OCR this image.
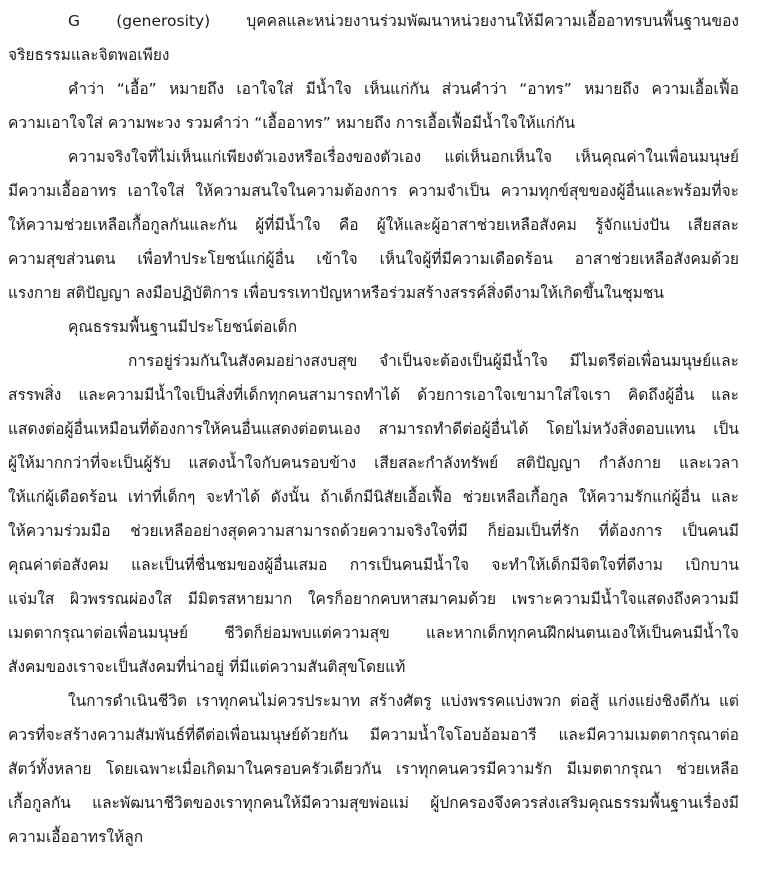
G (generosity) บุคคลและหน่วยงานร่วมพัฒนาหน่วยงานให้มีความเอื้ออาทรบนพื้นฐานของ
จริยธรรมและจิตพอเพียง
คำว่า “เอื้อ” หมายถึง เอาใจใส่ มีน้ำใจ เห็นแก่กัน ส่วนคำว่า “อาทร” หมายถึง ความเอื้อเฟื้อ
ความเอาใจใส่ ความพะวง รวมคำว่า “เอื้ออาทร” หมายถึง การเอื้อเฟื้อมีน้ำใจให้แก่กัน
ความจริงใจที่ไม่เห็นแก่เพียงตัวเองหรือเรื่องของตัวเอง แต่เห็นอกเห็นใจ เห็นคุณค่าในเพื่อนมนุษย์
มีความเอื้ออาทร เอาใจใส่ ให้ความสนใจในความต้องการ ความจำเป็น ความทุกข์สุขของผู้อื่นและพร้อมที่จะ
ให้ความช่วยเหลือเกื้อกูลกันและกัน ผู้ที่มีน้ำใจ คือ ผู้ให้และผู้อาสาช่วยเหลือสังคม รู้จักแบ่งปัน เสียสละ
ความสุขส่วนตน เพื่อทำประโยชน์แก่ผู้อื่น เข้าใจ เห็นใจผู้ที่มีความเดือดร้อน อาสาช่วยเหลือสังคมด้วย
แรงกาย สติปัญญา ลงมือปฏิบัติการ เพื่อบรรเทาปัญหาหรือร่วมสร้างสรรค์สิ่งดีงามให้เกิดขึ้นในชุมชน
คุณธรรมพื้นฐานมีประโยชน์ต่อเด็ก
การอยู่ร่วมกันในสังคมอย่างสงบสุข จำเป็นจะต้องเป็นผู้มีน้ำใจ มีไมตรีต่อเพื่อนมนุษย์และ
สรรพสิ่ง และความมีน้ำใจเป็นสิ่งที่เด็กทุกคนสามารถทำได้ ด้วยการเอาใจเขามาใส่ใจเรา คิดถึงผู้อื่น และ
แสดงต่อผู้อื่นเหมือนที่ต้องการให้คนอื่นแสดงต่อตนเอง สามารถทำดีต่อผู้อื่นได้ โดยไม่หวังสิ่งตอบแทน เป็น
ผู้ให้มากกว่าที่จะเป็นผู้รับ แสดงน้ำใจกับคนรอบข้าง เสียสละกำลังทรัพย์ สติปัญญา กำลังกาย และเวลา
ให้แก่ผู้เดือดร้อน เท่าที่เด็กๆ จะทำได้ ดังนั้น ถ้าเด็กมีนิสัยเอื้อเฟื้อ ช่วยเหลือเกื้อกูล ให้ความรักแก่ผู้อื่น และ
ให้ความร่วมมือ ช่วยเหลืออย่างสุดความสามารถด้วยความจริงใจที่มี ก็ย่อมเป็นที่รัก ที่ต้องการ เป็นคนมี
คุณค่าต่อสังคม และเป็นที่ชื่นชมของผู้อื่นเสมอ การเป็นคนมีน้ำใจ จะทำให้เด็กมีจิตใจที่ดีงาม เบิกบาน
แจ่มใส ผิวพรรณผ่องใส มีมิตรสหายมาก ใครก็อยากคบหาสมาคมด้วย เพราะความมีน้ำใจแสดงถึงความมี
เมตตากรุณาต่อเพื่อนมนุษย์ ชีวิตก็ย่อมพบแต่ความสุข และหากเด็กทุกคนฝึกฝนตนเองให้เป็นคนมีน้ำใจ
สังคมของเราจะเป็นสังคมที่น่าอยู่ ที่มีแต่ความสันติสุขโดยแท้
ในการดำเนินชีวิต เราทุกคนไม่ควรประมาท สร้างศัตรู แบ่งพรรคแบ่งพวก ต่อสู้ แก่งแย่งชิงดีกัน แต่
ควรที่จะสร้างความสัมพันธ์ที่ดีต่อเพื่อนมนุษย์ด้วยกัน มีความน้ำใจโอบอ้อมอารี และมีความเมตตากรุณาต่อ
สัตว์ทั้งหลาย โดยเฉพาะเมื่อเกิดมาในครอบครัวเดียวกัน เราทุกคนควรมีความรัก มีเมตตากรุณา ช่วยเหลือ
เกื้อกูลกัน และพัฒนาชีวิตของเราทุกคนให้มีความสุขพ่อแม่ ผู้ปกครองจึงควรส่งเสริมคุณธรรมพื้นฐานเรื่องมี
ความเอื้ออาทรให้ลูก
